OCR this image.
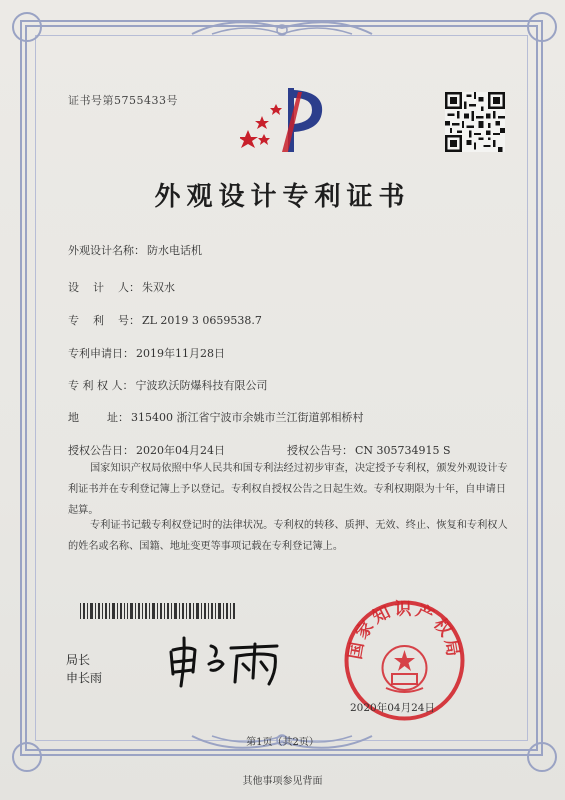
证书号第5755433号
外观设计专利证书
外观设计名称： 防水电话机
设    计    人： 朱双水
专    利    号： ZL 2019 3 0659538.7
专利申请日： 2019年11月28日
专 利 权 人： 宁波玖沃防爆科技有限公司
地        址： 315400 浙江省宁波市余姚市兰江街道郭相桥村
授权公告日： 2020年04月24日	授权公告号： CN 305734915 S

国家知识产权局依照中华人民共和国专利法经过初步审查，决定授予专利权，颁发外观设计专利证书并在专利登记簿上予以登记。专利权自授权公告之日起生效。专利权期限为十年，自申请日起算。

专利证书记载专利权登记时的法律状况。专利权的转移、质押、无效、终止、恢复和专利权人的姓名或名称、国籍、地址变更等事项记载在专利登记簿上。

局长
申长雨
国家知识产权局
2020年04月24日
第1页（共2页）
其他事项参见背面
